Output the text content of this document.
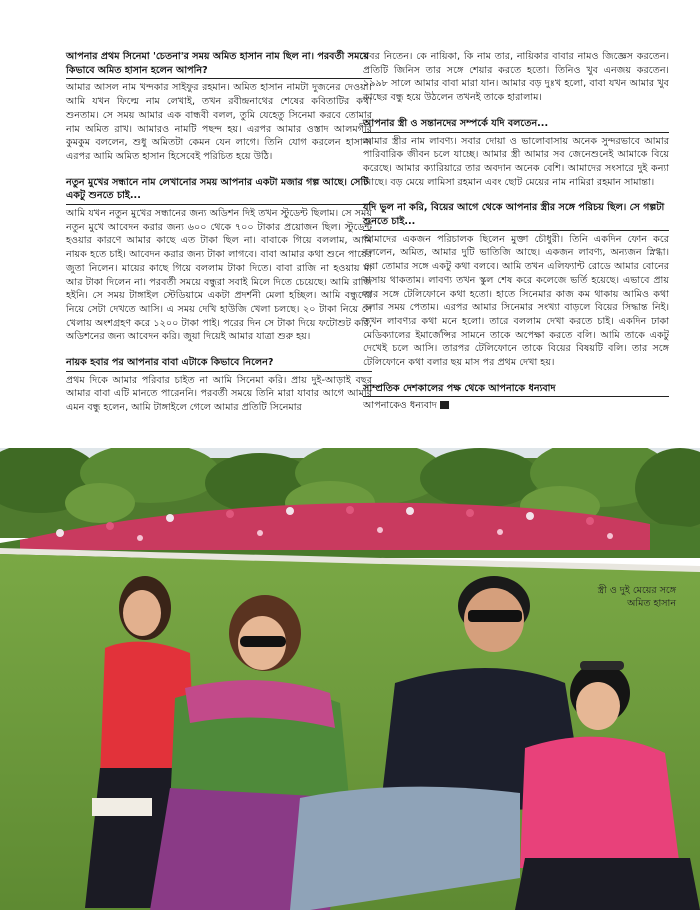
আপনার প্রথম সিনেমা 'চেতনা'র সময় অমিত হাসান নাম ছিল না। পরবর্তী সময়ে কিভাবে অমিত হাসান হলেন আপনি?

আমার আসল নাম খন্দকার সাইফুর রহমান। অমিত হাসান নামটা দুজনের দেওয়া। আমি যখন ফিল্মে নাম লেখাই, তখন রবীন্দ্রনাথের শেষের কবিতাটির কথা শুনতাম। সে সময় আমার এক বান্ধবী বলল, তুমি যেহেতু সিনেমা করবে তোমার নাম অমিত রাখ। আমারও নামটি পছন্দ হয়। এরপর আমার ওস্তাদ আলমগীর কুমকুম বললেন, শুধু অমিতটা কেমন যেন লাগে। তিনি যোগ করলেন হাসান। এরপর আমি অমিত হাসান হিসেবেই পরিচিত হয়ে উঠি।

নতুন মুখের সন্ধানে নাম লেখানোর সময় আপনার একটা মজার গল্প আছে। সেটি একটু শুনতে চাই...

আমি যখন নতুন মুখের সন্ধানের জন্য অডিশন দিই তখন স্টুডেন্ট ছিলাম। সে সময় নতুন মুখে আবেদন করার জন্য ৬০০ থেকে ৭০০ টাকার প্রয়োজন ছিল। স্টুডেন্ট হওয়ার কারণে আমার কাছে এত টাকা ছিল না। বাবাকে গিয়ে বললাম, আমি নায়ক হতে চাই। আবেদন করার জন্য টাকা লাগবে। বাবা আমার কথা শুনে পায়ের জুতা নিলেন। মায়ের কাছে গিয়ে বললাম টাকা দিতে। বাবা রাজি না হওয়ায় মা আর টাকা দিলেন না। পরবর্তী সময়ে বন্ধুরা সবাই মিলে দিতে চেয়েছে। আমি রাজি হইনি। সে সময় টাঙ্গাইল স্টেডিয়ামে একটা প্রদর্শনী মেলা হচ্ছিল। আমি বন্ধুদের নিয়ে সেটা দেখতে আসি। এ সময় দেখি হাউজি খেলা চলছে। ২০ টাকা নিয়ে সে খেলায় অংশগ্রহণ করে ১২০০ টাকা পাই। পরের দিন সে টাকা দিয়ে ফটোশুট করি, অডিশনের জন্য আবেদন করি। জুয়া দিয়েই আমার যাত্রা শুরু হয়।

নায়ক হবার পর আপনার বাবা এটাকে কিভাবে নিলেন?

প্রথম দিকে আমার পরিবার চাইত না আমি সিনেমা করি। প্রায় দুই-আড়াই বছর আমার বাবা এটি মানতে পারেননি। পরবর্তী সময়ে তিনি মারা যাবার আগে আমার এমন বন্ধু হলেন, আমি টাঙ্গাইলে গেলে আমার প্রতিটি সিনেমার

খবর নিতেন। কে নায়িকা, কি নাম তার, নায়িকার বাবার নামও জিজ্ঞেস করতেন। প্রতিটি জিনিস তার সঙ্গে শেয়ার করতে হতো। তিনিও খুব এনজয় করতেন। ১৯৯৮ সালে আমার বাবা মারা যান। আমার বড় দুঃখ হলো, বাবা যখন আমার খুব কাছের বন্ধু হয়ে উঠলেন তখনই তাকে হারালাম।

আপনার স্ত্রী ও সন্তানদের সম্পর্কে যদি বলতেন...

আমার স্ত্রীর নাম লাবণ্য। সবার দোয়া ও ভালোবাসায় অনেক সুন্দরভাবে আমার পারিবারিক জীবন চলে যাচ্ছে। আমার স্ত্রী আমার সব জেনেশুনেই আমাকে বিয়ে করেছে। আমার ক্যারিয়ারে তার অবদান অনেক বেশি। আমাদের সংসারে দুই কন্যা আছে। বড় মেয়ে লামিসা রহমান এবং ছোট মেয়ের নাম নামিরা রহমান সামান্তা।

যদি ভুল না করি, বিয়ের আগে থেকে আপনার স্ত্রীর সঙ্গে পরিচয় ছিল। সে গল্পটা শুনতে চাই...

আমাদের একজন পরিচালক ছিলেন মুক্তা চৌধুরী। তিনি একদিন ফোন করে বললেন, অমিত, আমার দুটি ভাতিজি আছে। একজন লাবণ্য, অন্যজন স্নিগ্ধা। ওরা তোমার সঙ্গে একটু কথা বলবে। আমি তখন এলিফ্যান্ট রোডে আমার বোনের বাসায় থাকতাম। লাবণ্য তখন স্কুল শেষ করে কলেজে ভর্তি হয়েছে। এভাবে প্রায় তার সঙ্গে টেলিফোনে কথা হতো। হাতে সিনেমার কাজ কম থাকায় আমিও কথা বলার সময় পেতাম। এরপর আমার সিনেমার সংখ্যা বাড়লে বিয়ের সিদ্ধান্ত নিই। তখন লাবণ্যর কথা মনে হলো। তারে বললাম দেখা করতে চাই। একদিন ঢাকা মেডিক্যালের ইমার্জেন্সির সামনে তাকে অপেক্ষা করতে বলি। আমি তাকে একটু দেখেই চলে আসি। তারপর টেলিফোনে তাকে বিয়ের বিষয়টি বলি। তার সঙ্গে টেলিফোনে কথা বলার ছয় মাস পর প্রথম দেখা হয়।

সাম্প্রতিক দেশকালের পক্ষ থেকে আপনাকে ধন্যবাদ
আপনাকেও ধন্যবাদ
স্ত্রী ও দুই মেয়ের সঙ্গে
অমিত হাসান
